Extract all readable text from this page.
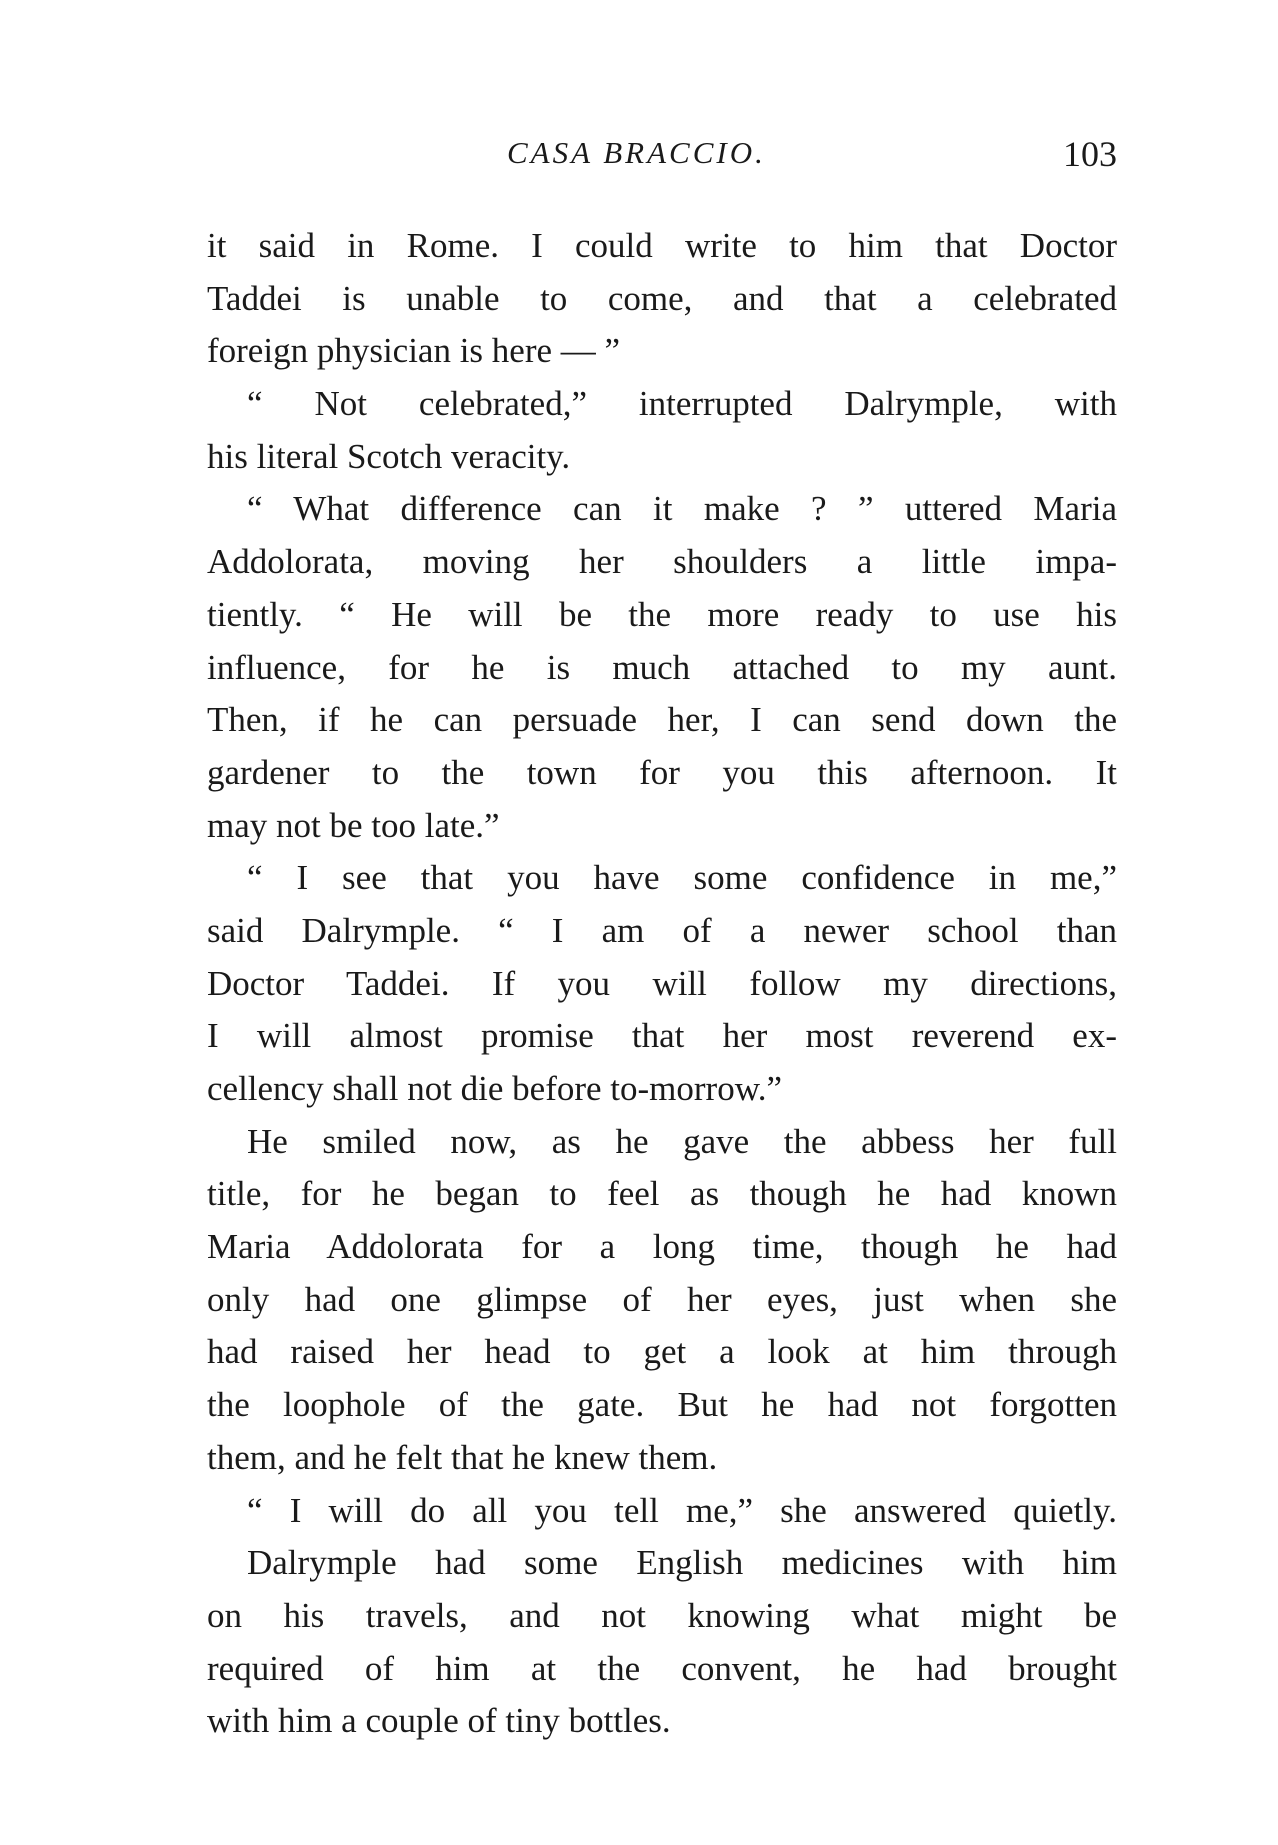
CASA BRACCIO.	103
it said in Rome. I could write to him that Doctor
Taddei is unable to come, and that a celebrated
foreign physician is here — ”
“ Not celebrated,” interrupted Dalrymple, with
his literal Scotch veracity.
“ What difference can it make ? ” uttered Maria
Addolorata, moving her shoulders a little impa-
tiently. “ He will be the more ready to use his
influence, for he is much attached to my aunt.
Then, if he can persuade her, I can send down the
gardener to the town for you this afternoon. It
may not be too late.”
“ I see that you have some confidence in me,”
said Dalrymple. “ I am of a newer school than
Doctor Taddei. If you will follow my directions,
I will almost promise that her most reverend ex-
cellency shall not die before to-morrow.”
He smiled now, as he gave the abbess her full
title, for he began to feel as though he had known
Maria Addolorata for a long time, though he had
only had one glimpse of her eyes, just when she
had raised her head to get a look at him through
the loophole of the gate. But he had not forgotten
them, and he felt that he knew them.
“ I will do all you tell me,” she answered quietly.
Dalrymple had some English medicines with him
on his travels, and not knowing what might be
required of him at the convent, he had brought
with him a couple of tiny bottles.
